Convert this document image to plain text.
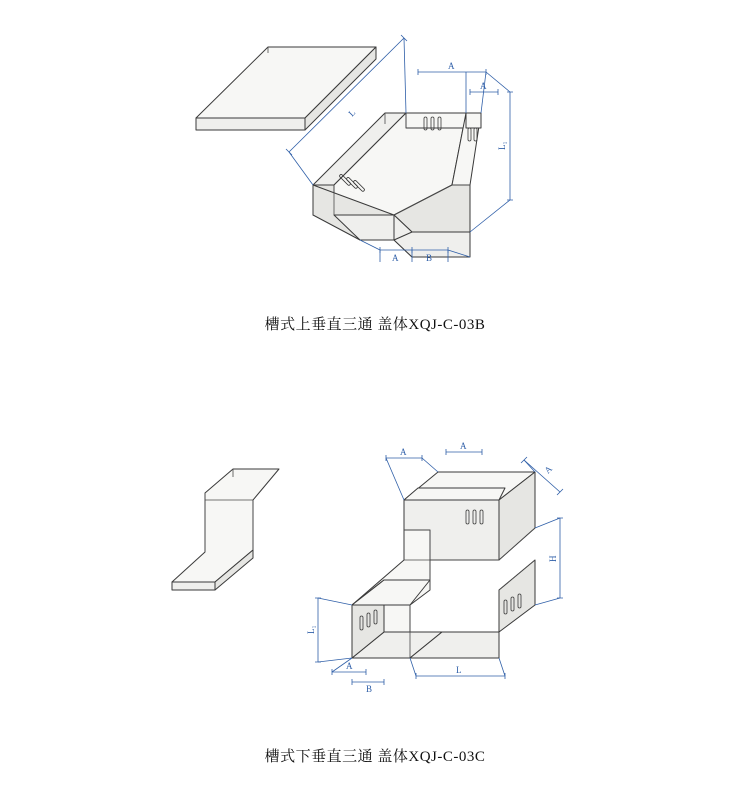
L
A
A
L₁
A	B
槽式上垂直三通 盖体XQJ-C-03B
A
A
A
H
L
L₁
A
B
槽式下垂直三通 盖体XQJ-C-03C
